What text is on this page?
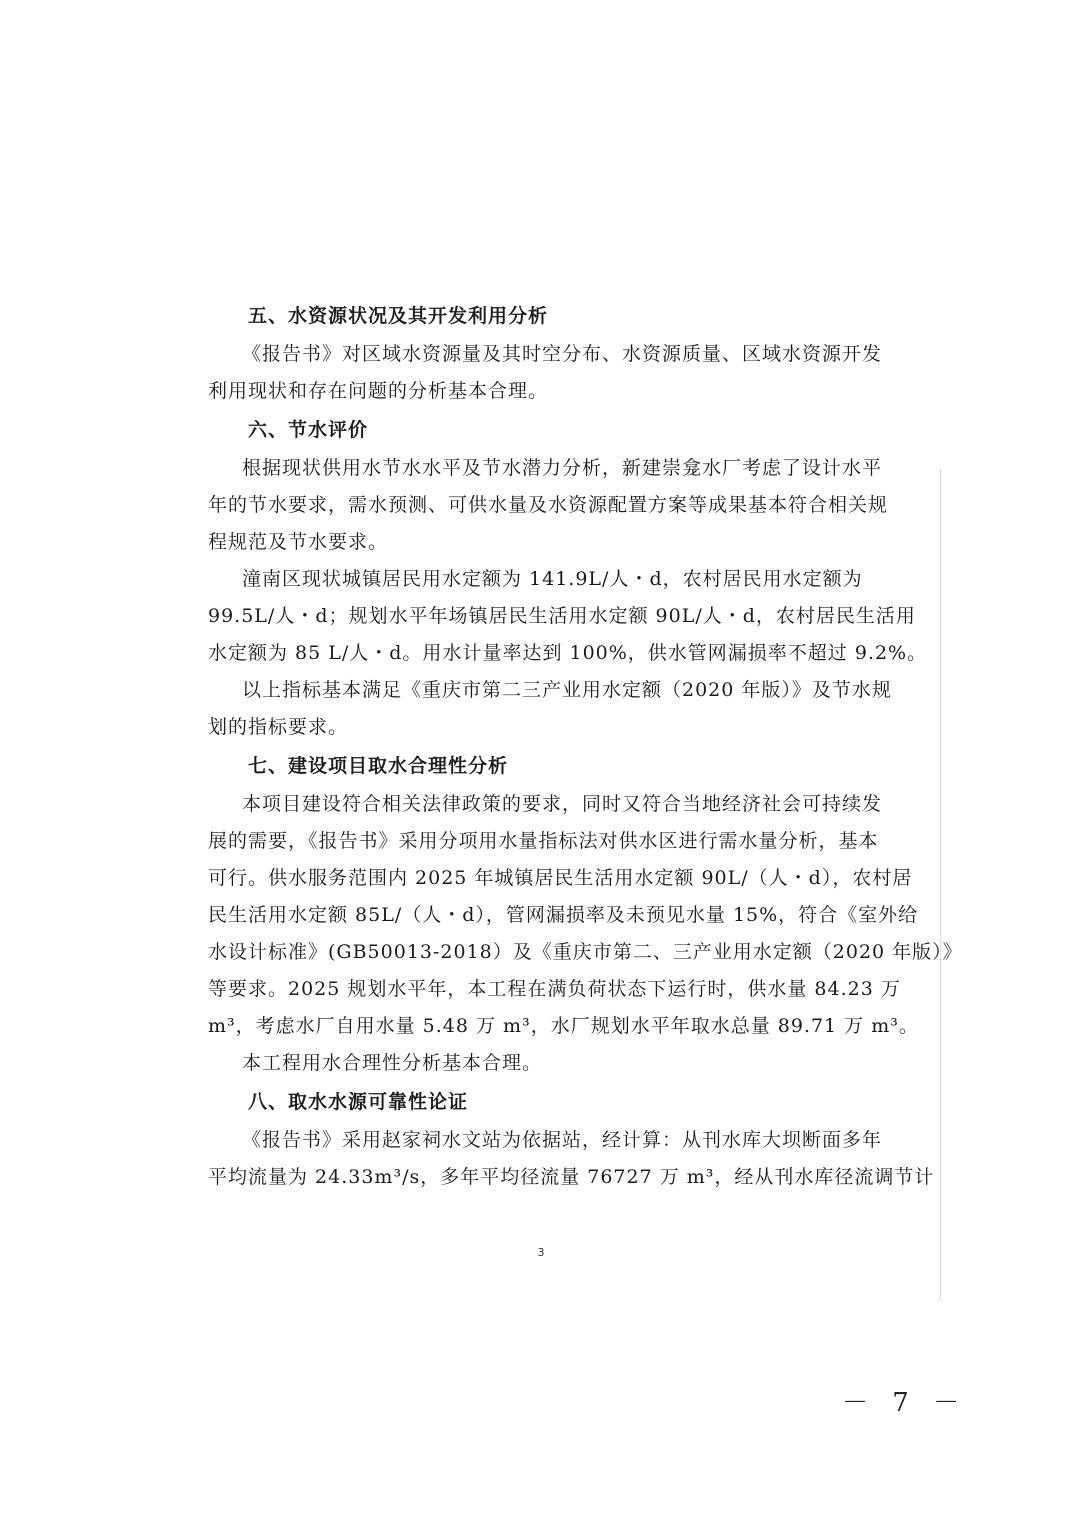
五、水资源状况及其开发利用分析
《报告书》对区域水资源量及其时空分布、水资源质量、区域水资源开发
利用现状和存在问题的分析基本合理。
六、节水评价
根据现状供用水节水水平及节水潜力分析，新建崇龛水厂考虑了设计水平
年的节水要求，需水预测、可供水量及水资源配置方案等成果基本符合相关规
程规范及节水要求。
潼南区现状城镇居民用水定额为 141.9L/人・d，农村居民用水定额为
99.5L/人・d；规划水平年场镇居民生活用水定额 90L/人・d，农村居民生活用
水定额为 85 L/人・d。用水计量率达到 100%，供水管网漏损率不超过 9.2%。
以上指标基本满足《重庆市第二三产业用水定额（2020 年版）》及节水规
划的指标要求。
七、建设项目取水合理性分析
本项目建设符合相关法律政策的要求，同时又符合当地经济社会可持续发
展的需要，《报告书》采用分项用水量指标法对供水区进行需水量分析，基本
可行。供水服务范围内 2025 年城镇居民生活用水定额 90L/（人・d），农村居
民生活用水定额 85L/（人・d），管网漏损率及未预见水量 15%，符合《室外给
水设计标准》(GB50013-2018）及《重庆市第二、三产业用水定额（2020 年版）》
等要求。2025 规划水平年，本工程在满负荷状态下运行时，供水量 84.23 万
m³，考虑水厂自用水量 5.48 万 m³，水厂规划水平年取水总量 89.71 万 m³。
本工程用水合理性分析基本合理。
八、取水水源可靠性论证
《报告书》采用赵家祠水文站为依据站，经计算：从刊水库大坝断面多年
平均流量为 24.33m³/s，多年平均径流量 76727 万 m³，经从刊水库径流调节计
3
－ 7 －
